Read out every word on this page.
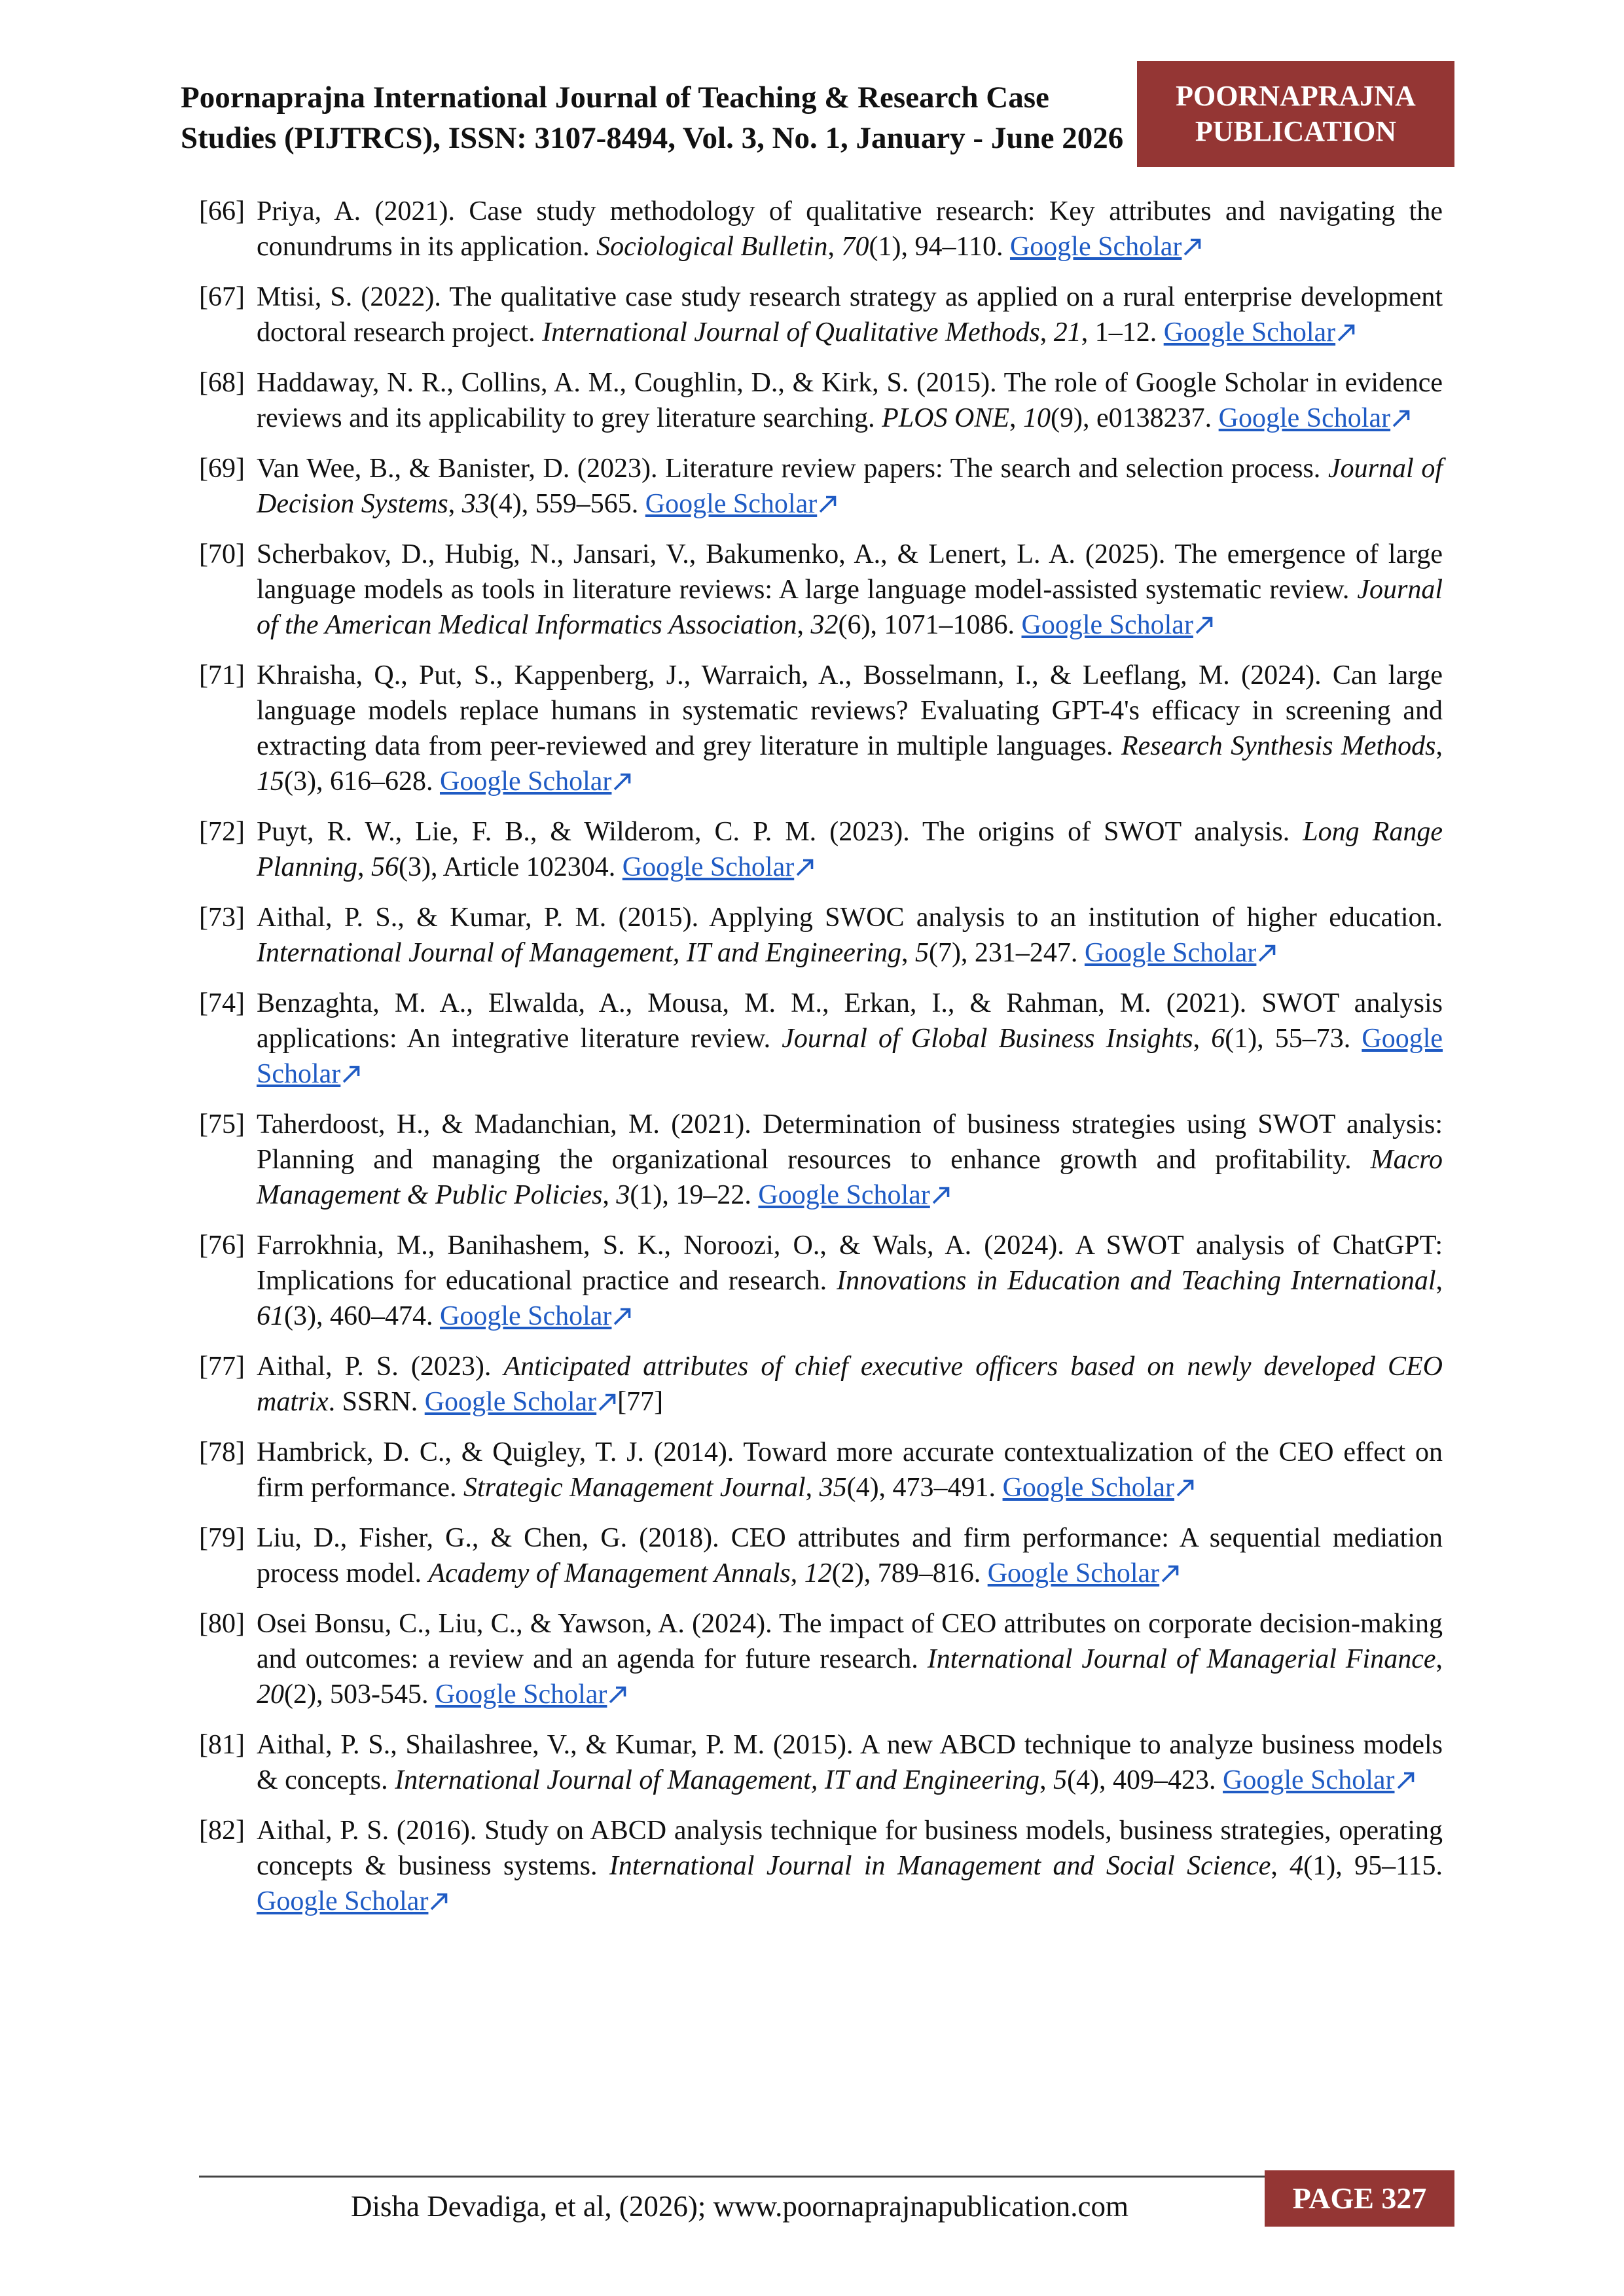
Poornaprajna International Journal of Teaching & Research Case
Studies (PIJTRCS), ISSN: 3107-8494, Vol. 3, No. 1, January - June 2026
POORNAPRAJNA
PUBLICATION
[66] Priya, A. (2021). Case study methodology of qualitative research: Key attributes and navigating the conundrums in its application. Sociological Bulletin, 70(1), 94–110. Google Scholar
[67] Mtisi, S. (2022). The qualitative case study research strategy as applied on a rural enterprise development doctoral research project. International Journal of Qualitative Methods, 21, 1–12. Google Scholar
[68] Haddaway, N. R., Collins, A. M., Coughlin, D., & Kirk, S. (2015). The role of Google Scholar in evidence reviews and its applicability to grey literature searching. PLOS ONE, 10(9), e0138237. Google Scholar
[69] Van Wee, B., & Banister, D. (2023). Literature review papers: The search and selection process. Journal of Decision Systems, 33(4), 559–565. Google Scholar
[70] Scherbakov, D., Hubig, N., Jansari, V., Bakumenko, A., & Lenert, L. A. (2025). The emergence of large language models as tools in literature reviews: A large language model-assisted systematic review. Journal of the American Medical Informatics Association, 32(6), 1071–1086. Google Scholar
[71] Khraisha, Q., Put, S., Kappenberg, J., Warraich, A., Bosselmann, I., & Leeflang, M. (2024). Can large language models replace humans in systematic reviews? Evaluating GPT-4's efficacy in screening and extracting data from peer-reviewed and grey literature in multiple languages. Research Synthesis Methods, 15(3), 616–628. Google Scholar
[72] Puyt, R. W., Lie, F. B., & Wilderom, C. P. M. (2023). The origins of SWOT analysis. Long Range Planning, 56(3), Article 102304. Google Scholar
[73] Aithal, P. S., & Kumar, P. M. (2015). Applying SWOC analysis to an institution of higher education. International Journal of Management, IT and Engineering, 5(7), 231–247. Google Scholar
[74] Benzaghta, M. A., Elwalda, A., Mousa, M. M., Erkan, I., & Rahman, M. (2021). SWOT analysis applications: An integrative literature review. Journal of Global Business Insights, 6(1), 55–73. Google Scholar
[75] Taherdoost, H., & Madanchian, M. (2021). Determination of business strategies using SWOT analysis: Planning and managing the organizational resources to enhance growth and profitability. Macro Management & Public Policies, 3(1), 19–22. Google Scholar
[76] Farrokhnia, M., Banihashem, S. K., Noroozi, O., & Wals, A. (2024). A SWOT analysis of ChatGPT: Implications for educational practice and research. Innovations in Education and Teaching International, 61(3), 460–474. Google Scholar
[77] Aithal, P. S. (2023). Anticipated attributes of chief executive officers based on newly developed CEO matrix. SSRN. Google Scholar [77]
[78] Hambrick, D. C., & Quigley, T. J. (2014). Toward more accurate contextualization of the CEO effect on firm performance. Strategic Management Journal, 35(4), 473–491. Google Scholar
[79] Liu, D., Fisher, G., & Chen, G. (2018). CEO attributes and firm performance: A sequential mediation process model. Academy of Management Annals, 12(2), 789–816. Google Scholar
[80] Osei Bonsu, C., Liu, C., & Yawson, A. (2024). The impact of CEO attributes on corporate decision-making and outcomes: a review and an agenda for future research. International Journal of Managerial Finance, 20(2), 503-545. Google Scholar
[81] Aithal, P. S., Shailashree, V., & Kumar, P. M. (2015). A new ABCD technique to analyze business models & concepts. International Journal of Management, IT and Engineering, 5(4), 409–423. Google Scholar
[82] Aithal, P. S. (2016). Study on ABCD analysis technique for business models, business strategies, operating concepts & business systems. International Journal in Management and Social Science, 4(1), 95–115. Google Scholar
Disha Devadiga, et al, (2026); www.poornaprajnapublication.com	PAGE 327
